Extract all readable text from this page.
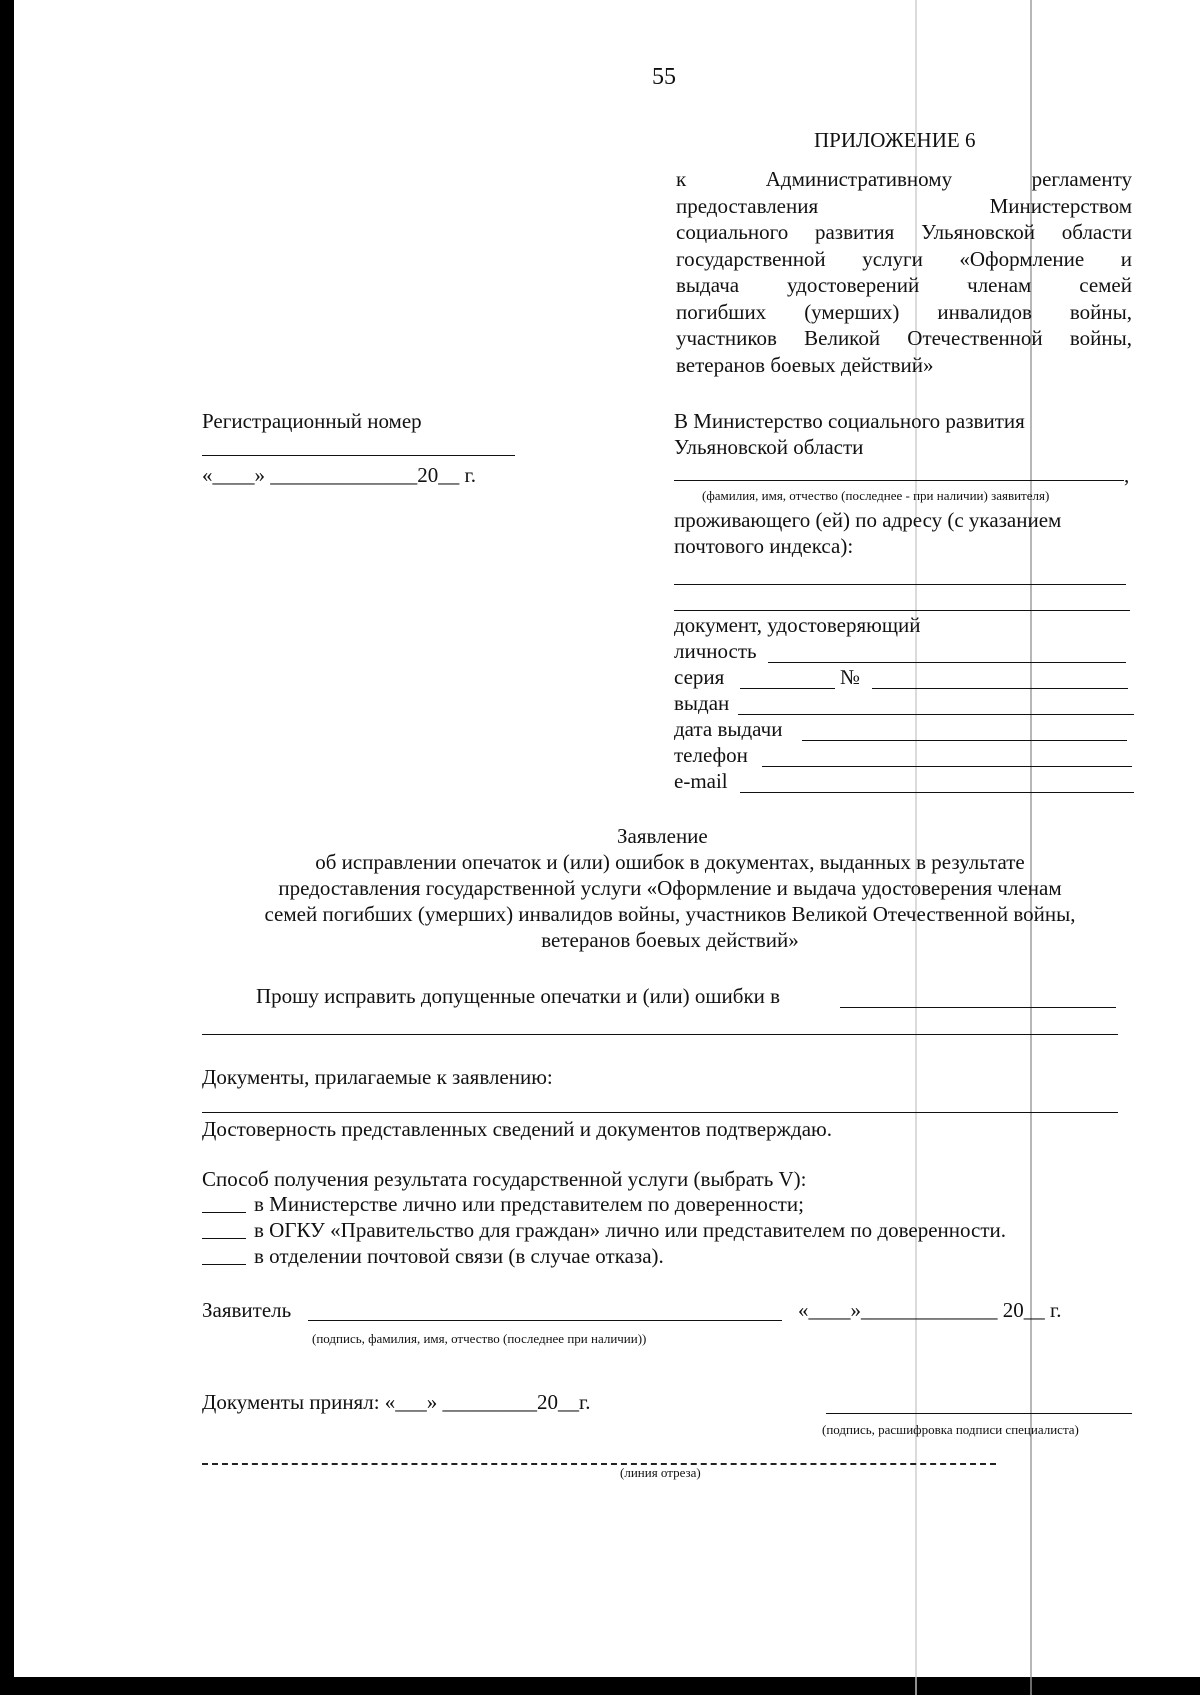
55
ПРИЛОЖЕНИЕ 6
к Административному регламенту
предоставления Министерством
социального развития Ульяновской области
государственной услуги «Оформление и
выдача удостоверений членам семей
погибших (умерших) инвалидов войны,
участников Великой Отечественной войны,
ветеранов боевых действий»
Регистрационный номер
«____» ______________20__ г.
В Министерство социального развития
Ульяновской области
,
(фамилия, имя, отчество (последнее - при наличии) заявителя)
проживающего (ей) по адресу (с указанием
почтового индекса):
документ, удостоверяющий
личность
серия	№
выдан
дата выдачи
телефон
e-mail
Заявление
об исправлении опечаток и (или) ошибок в документах, выданных в результате
предоставления государственной услуги «Оформление и выдача удостоверения членам
семей погибших (умерших) инвалидов войны, участников Великой Отечественной войны,
ветеранов боевых действий»
Прошу исправить допущенные опечатки и (или) ошибки в
Документы, прилагаемые к заявлению:
Достоверность представленных сведений и документов подтверждаю.
Способ получения результата государственной услуги (выбрать V):
в Министерстве лично или представителем по доверенности;
в ОГКУ «Правительство для граждан» лично или представителем по доверенности.
в отделении почтовой связи (в случае отказа).
Заявитель	«____»_____________ 20__ г.
(подпись, фамилия, имя, отчество (последнее при наличии))
Документы принял: «___» _________20__г.
(подпись, расшифровка подписи специалиста)
(линия отреза)
